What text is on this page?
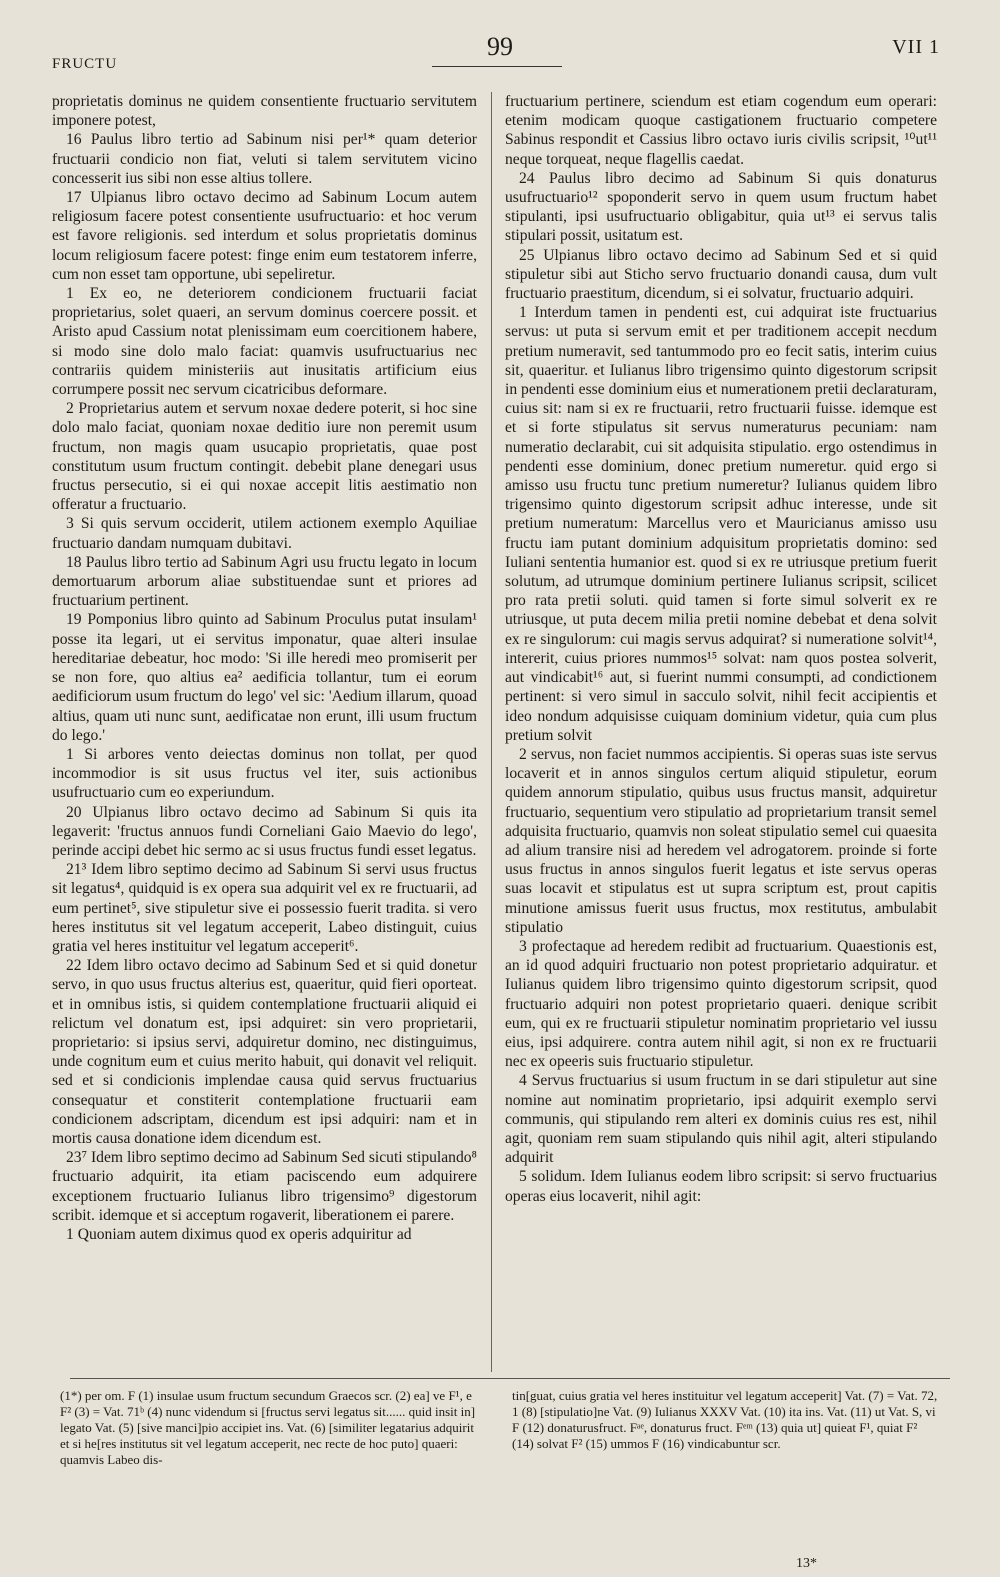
FRUCTU
99	VII 1

proprietatis dominus ne quidem consentiente fructuario servitutem imponere potest,

16 Paulus libro tertio ad Sabinum nisi per¹* quam deterior fructuarii condicio non fiat, veluti si talem servitutem vicino concesserit ius sibi non esse altius tollere.

17 Ulpianus libro octavo decimo ad Sabinum Locum autem religiosum facere potest consentiente usufructuario: et hoc verum est favore religionis. sed interdum et solus proprietatis dominus locum religiosum facere potest: finge enim eum testatorem inferre, cum non esset tam opportune, ubi sepeliretur.

1 Ex eo, ne deteriorem condicionem fructuarii faciat proprietarius, solet quaeri, an servum dominus coercere possit. et Aristo apud Cassium notat plenissimam eum coercitionem habere, si modo sine dolo malo faciat: quamvis usufructuarius nec contrariis quidem ministeriis aut inusitatis artificium eius corrumpere possit nec servum cicatricibus deformare.

2 Proprietarius autem et servum noxae dedere poterit, si hoc sine dolo malo faciat, quoniam noxae deditio iure non peremit usum fructum, non magis quam usucapio proprietatis, quae post constitutum usum fructum contingit. debebit plane denegari usus fructus persecutio, si ei qui noxae accepit litis aestimatio non offeratur a fructuario.

3 Si quis servum occiderit, utilem actionem exemplo Aquiliae fructuario dandam numquam dubitavi.

18 Paulus libro tertio ad Sabinum Agri usu fructu legato in locum demortuarum arborum aliae substituendae sunt et priores ad fructuarium pertinent.

19 Pomponius libro quinto ad Sabinum Proculus putat insulam¹ posse ita legari, ut ei servitus imponatur, quae alteri insulae hereditariae debeatur, hoc modo: 'Si ille heredi meo promiserit per se non fore, quo altius ea² aedificia tollantur, tum ei eorum aedificiorum usum fructum do lego' vel sic: 'Aedium illarum, quoad altius, quam uti nunc sunt, aedificatae non erunt, illi usum fructum do lego.'

1 Si arbores vento deiectas dominus non tollat, per quod incommodior is sit usus fructus vel iter, suis actionibus usufructuario cum eo experiundum.

20 Ulpianus libro octavo decimo ad Sabinum Si quis ita legaverit: 'fructus annuos fundi Corneliani Gaio Maevio do lego', perinde accipi debet hic sermo ac si usus fructus fundi esset legatus.

21³ Idem libro septimo decimo ad Sabinum Si servi usus fructus sit legatus⁴, quidquid is ex opera sua adquirit vel ex re fructuarii, ad eum pertinet⁵, sive stipuletur sive ei possessio fuerit tradita. si vero heres institutus sit vel legatum acceperit, Labeo distinguit, cuius gratia vel heres instituitur vel legatum acceperit⁶.

22 Idem libro octavo decimo ad Sabinum Sed et si quid donetur servo, in quo usus fructus alterius est, quaeritur, quid fieri oporteat. et in omnibus istis, si quidem contemplatione fructuarii aliquid ei relictum vel donatum est, ipsi adquiret: sin vero proprietarii, proprietario: si ipsius servi, adquiretur domino, nec distinguimus, unde cognitum eum et cuius merito habuit, qui donavit vel reliquit. sed et si condicionis implendae causa quid servus fructuarius consequatur et constiterit contemplatione fructuarii eam condicionem adscriptam, dicendum est ipsi adquiri: nam et in mortis causa donatione idem dicendum est.

23⁷ Idem libro septimo decimo ad Sabinum Sed sicuti stipulando⁸ fructuario adquirit, ita etiam paciscendo eum adquirere exceptionem fructuario Iulianus libro trigensimo⁹ digestorum scribit. idemque et si acceptum rogaverit, liberationem ei parere.

1 Quoniam autem diximus quod ex operis adquiritur ad

fructuarium pertinere, sciendum est etiam cogendum eum operari: etenim modicam quoque castigationem fructuario competere Sabinus respondit et Cassius libro octavo iuris civilis scripsit, ¹⁰ut¹¹ neque torqueat, neque flagellis caedat.

24 Paulus libro decimo ad Sabinum Si quis donaturus usufructuario¹² spoponderit servo in quem usum fructum habet stipulanti, ipsi usufructuario obligabitur, quia ut¹³ ei servus talis stipulari possit, usitatum est.

25 Ulpianus libro octavo decimo ad Sabinum Sed et si quid stipuletur sibi aut Sticho servo fructuario donandi causa, dum vult fructuario praestitum, dicendum, si ei solvatur, fructuario adquiri.

1 Interdum tamen in pendenti est, cui adquirat iste fructuarius servus: ut puta si servum emit et per traditionem accepit necdum pretium numeravit, sed tantummodo pro eo fecit satis, interim cuius sit, quaeritur. et Iulianus libro trigensimo quinto digestorum scripsit in pendenti esse dominium eius et numerationem pretii declaraturam, cuius sit: nam si ex re fructuarii, retro fructuarii fuisse. idemque est et si forte stipulatus sit servus numeraturus pecuniam: nam numeratio declarabit, cui sit adquisita stipulatio. ergo ostendimus in pendenti esse dominium, donec pretium numeretur. quid ergo si amisso usu fructu tunc pretium numeretur? Iulianus quidem libro trigensimo quinto digestorum scripsit adhuc interesse, unde sit pretium numeratum: Marcellus vero et Mauricianus amisso usu fructu iam putant dominium adquisitum proprietatis domino: sed Iuliani sententia humanior est. quod si ex re utriusque pretium fuerit solutum, ad utrumque dominium pertinere Iulianus scripsit, scilicet pro rata pretii soluti. quid tamen si forte simul solverit ex re utriusque, ut puta decem milia pretii nomine debebat et dena solvit ex re singulorum: cui magis servus adquirat? si numeratione solvit¹⁴, intererit, cuius priores nummos¹⁵ solvat: nam quos postea solverit, aut vindicabit¹⁶ aut, si fuerint nummi consumpti, ad condictionem pertinent: si vero simul in sacculo solvit, nihil fecit accipientis et ideo nondum adquisisse cuiquam dominium videtur, quia cum plus pretium solvit

2 servus, non faciet nummos accipientis. Si operas suas iste servus locaverit et in annos singulos certum aliquid stipuletur, eorum quidem annorum stipulatio, quibus usus fructus mansit, adquiretur fructuario, sequentium vero stipulatio ad proprietarium transit semel adquisita fructuario, quamvis non soleat stipulatio semel cui quaesita ad alium transire nisi ad heredem vel adrogatorem. proinde si forte usus fructus in annos singulos fuerit legatus et iste servus operas suas locavit et stipulatus est ut supra scriptum est, prout capitis minutione amissus fuerit usus fructus, mox restitutus, ambulabit stipulatio

3 profectaque ad heredem redibit ad fructuarium. Quaestionis est, an id quod adquiri fructuario non potest proprietario adquiratur. et Iulianus quidem libro trigensimo quinto digestorum scripsit, quod fructuario adquiri non potest proprietario quaeri. denique scribit eum, qui ex re fructuarii stipuletur nominatim proprietario vel iussu eius, ipsi adquirere. contra autem nihil agit, si non ex re fructuarii nec ex opeeris suis fructuario stipuletur.

4 Servus fructuarius si usum fructum in se dari stipuletur aut sine nomine aut nominatim proprietario, ipsi adquirit exemplo servi communis, qui stipulando rem alteri ex dominis cuius res est, nihil agit, quoniam rem suam stipulando quis nihil agit, alteri stipulando adquirit

5 solidum. Idem Iulianus eodem libro scripsit: si servo fructuarius operas eius locaverit, nihil agit:

(1*) per om. F (1) insulae usum fructum secundum Graecos scr. (2) ea] ve F¹, e F² (3) = Vat. 71ᵇ (4) nunc videndum si [fructus servi legatus sit...... quid insit in] legato Vat. (5) [sive manci]pio accipiet ins. Vat. (6) [similiter legatarius adquirit et si he[res institutus sit vel legatum acceperit, nec recte de hoc puto] quaeri: quamvis Labeo dis-

tin[guat, cuius gratia vel heres instituitur vel legatum acceperit] Vat. (7) = Vat. 72, 1 (8) [stipulatio]ne Vat. (9) Iulianus XXXV Vat. (10) ita ins. Vat. (11) ut Vat. S, vi F (12) donaturusfruct. Fᵃᵉ, donaturus fruct. Fᵉᵐ (13) quia ut] quieat F¹, quiat F² (14) solvat F² (15) ummos F (16) vindicabuntur scr.

13*
